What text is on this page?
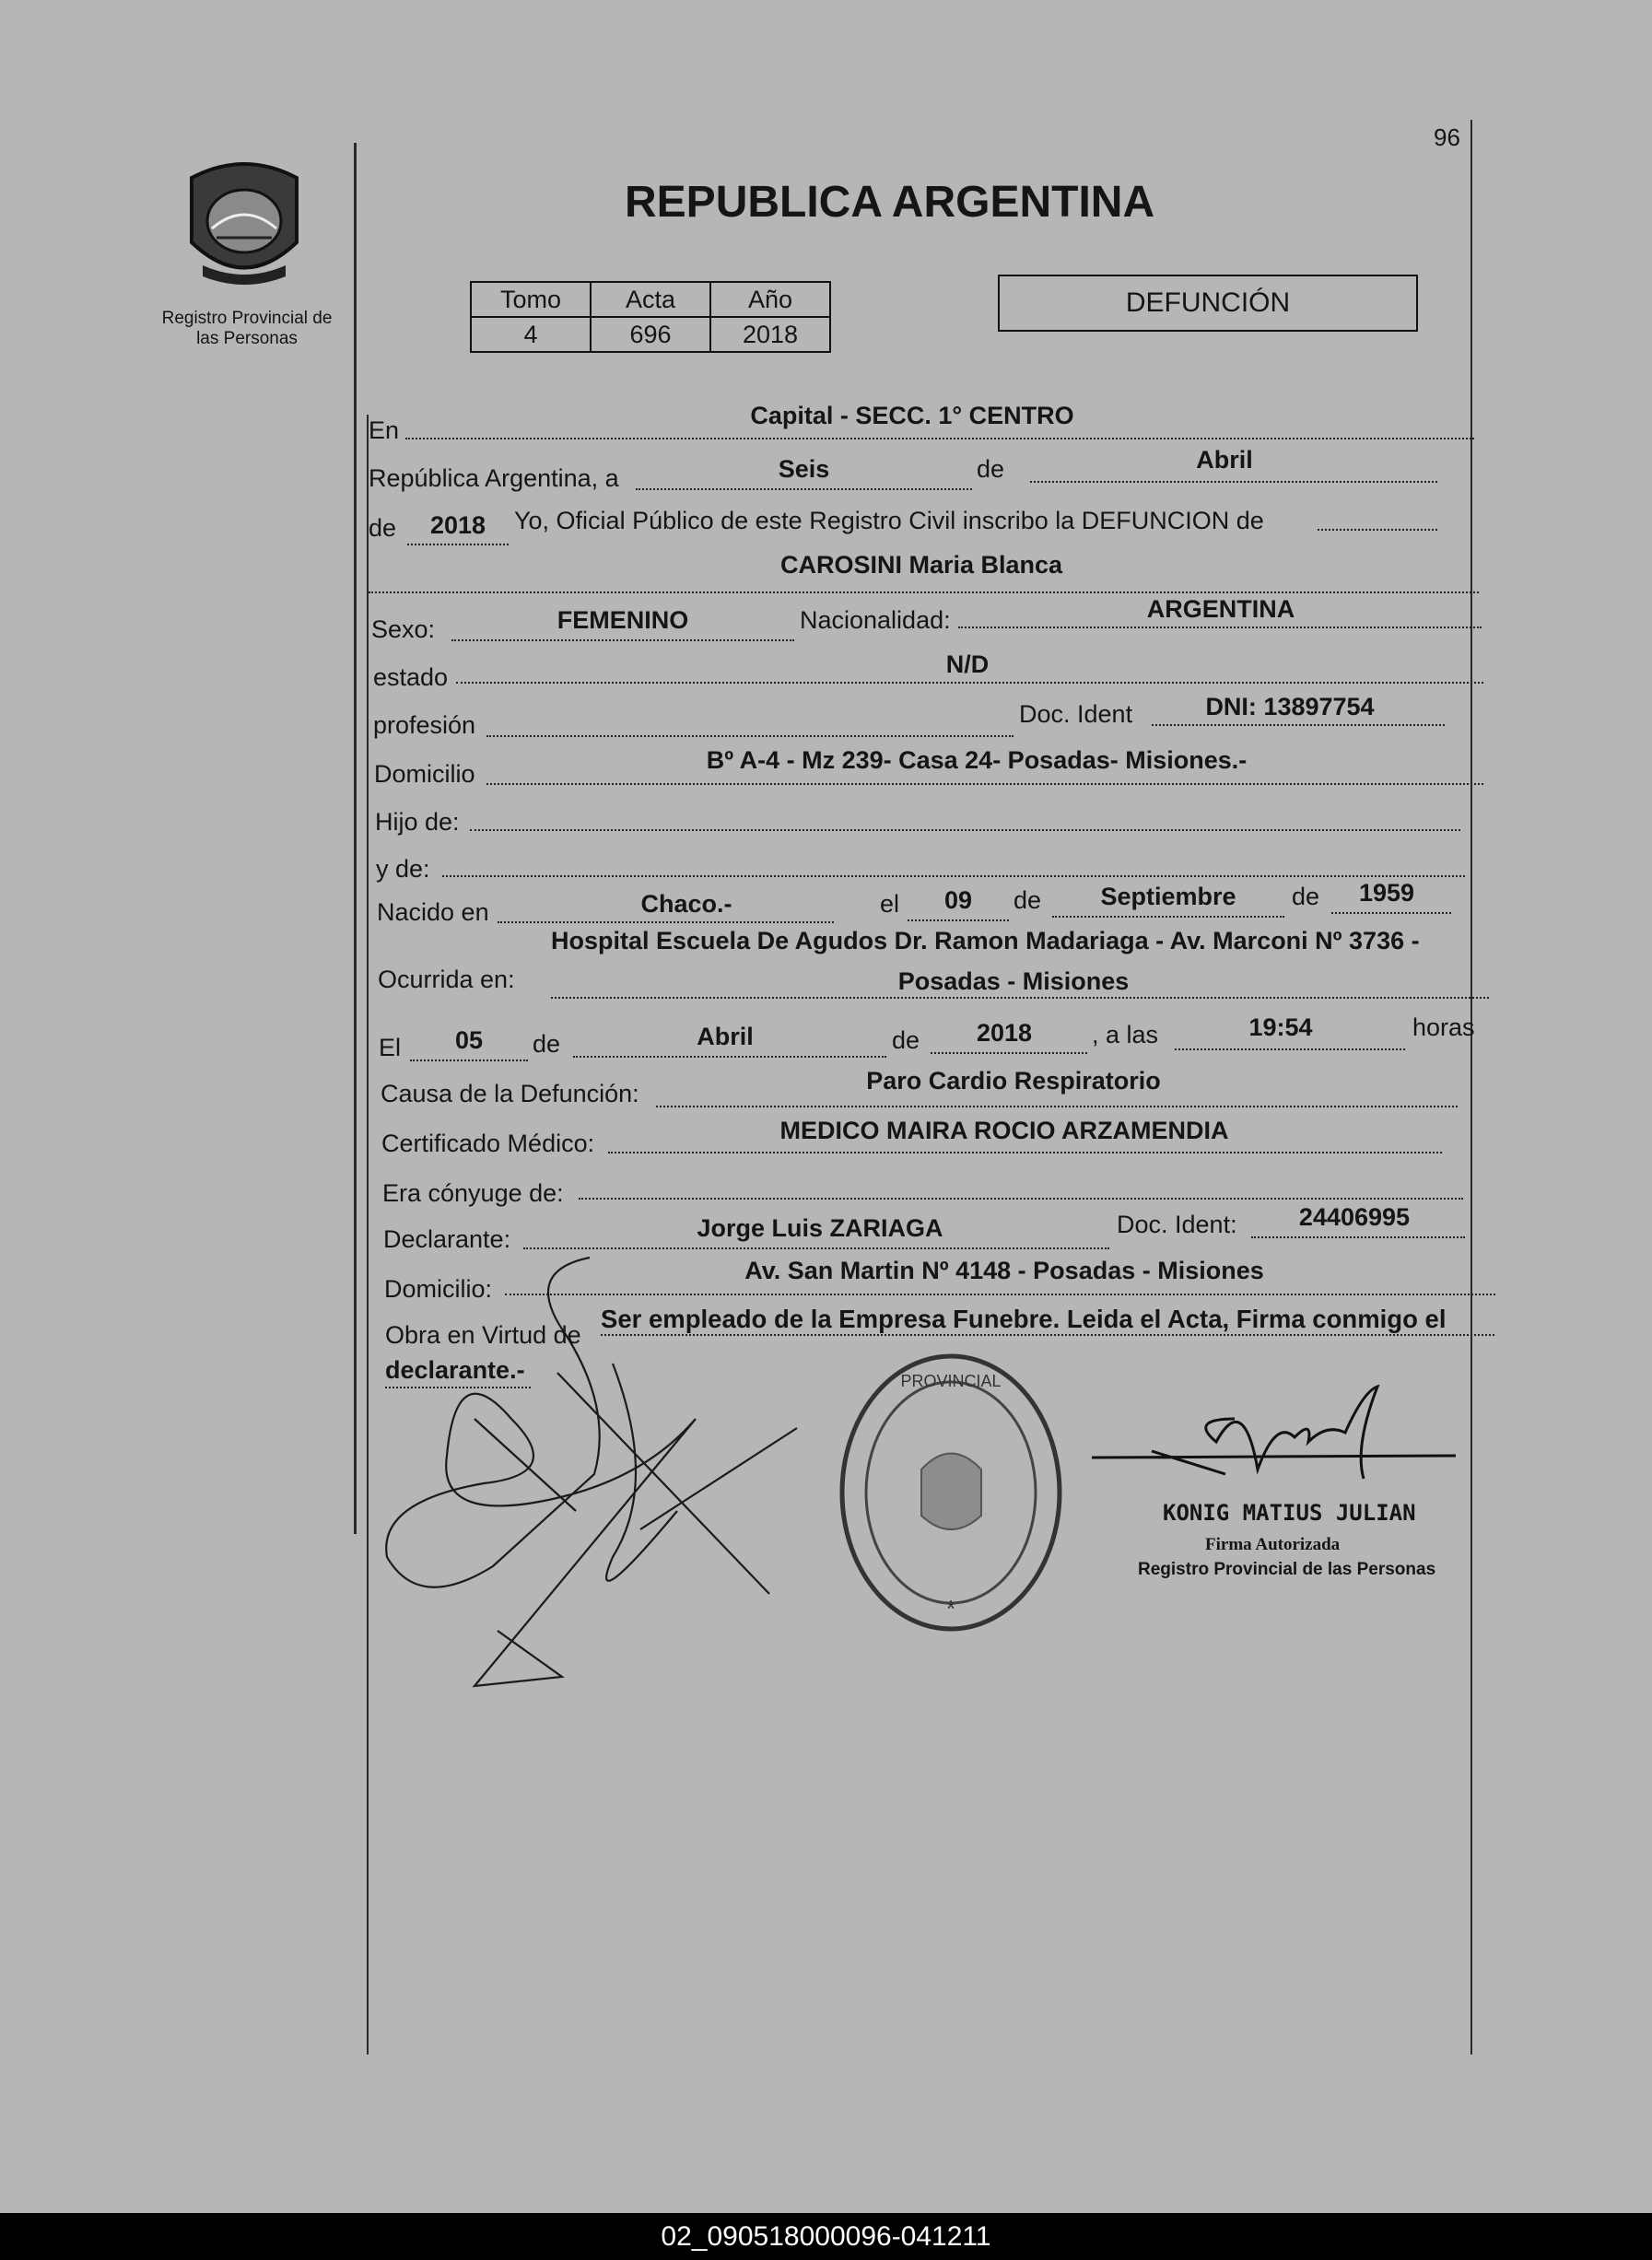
96
Registro Provincial de
las Personas
REPUBLICA ARGENTINA
Tomo	Acta	Año
4	696	2018
DEFUNCIÓN
En
Capital - SECC. 1° CENTRO
República Argentina, a	Seis	de	Abril
de	2018	Yo, Oficial Público de este Registro Civil inscribo la DEFUNCION de
CAROSINI Maria Blanca
Sexo:	FEMENINO	Nacionalidad:	ARGENTINA
estado	N/D
profesión	Doc. Ident	DNI: 13897754
Domicilio	Bº A-4 - Mz 239- Casa 24- Posadas- Misiones.-
Hijo de:
y de:
Nacido en	Chaco.-	el	09	de	Septiembre	de	1959
Ocurrida en:
Hospital Escuela De Agudos Dr. Ramon Madariaga - Av. Marconi Nº 3736 -
Posadas - Misiones
El	05	de	Abril	de	2018	, a las	19:54	horas
Causa de la Defunción:	Paro Cardio Respiratorio
Certificado Médico:	MEDICO MAIRA ROCIO ARZAMENDIA
Era cónyuge de:
Declarante:	Jorge Luis ZARIAGA	Doc. Ident:	24406995
Domicilio:
Av. San Martin Nº 4148 - Posadas - Misiones
Obra en Virtud de
Ser empleado de la Empresa Funebre. Leida el Acta, Firma conmigo el
declarante.-	PROVINCIAL
*
KONIG MATIUS JULIAN
Firma Autorizada
Registro Provincial de las Personas
02_090518000096-041211
